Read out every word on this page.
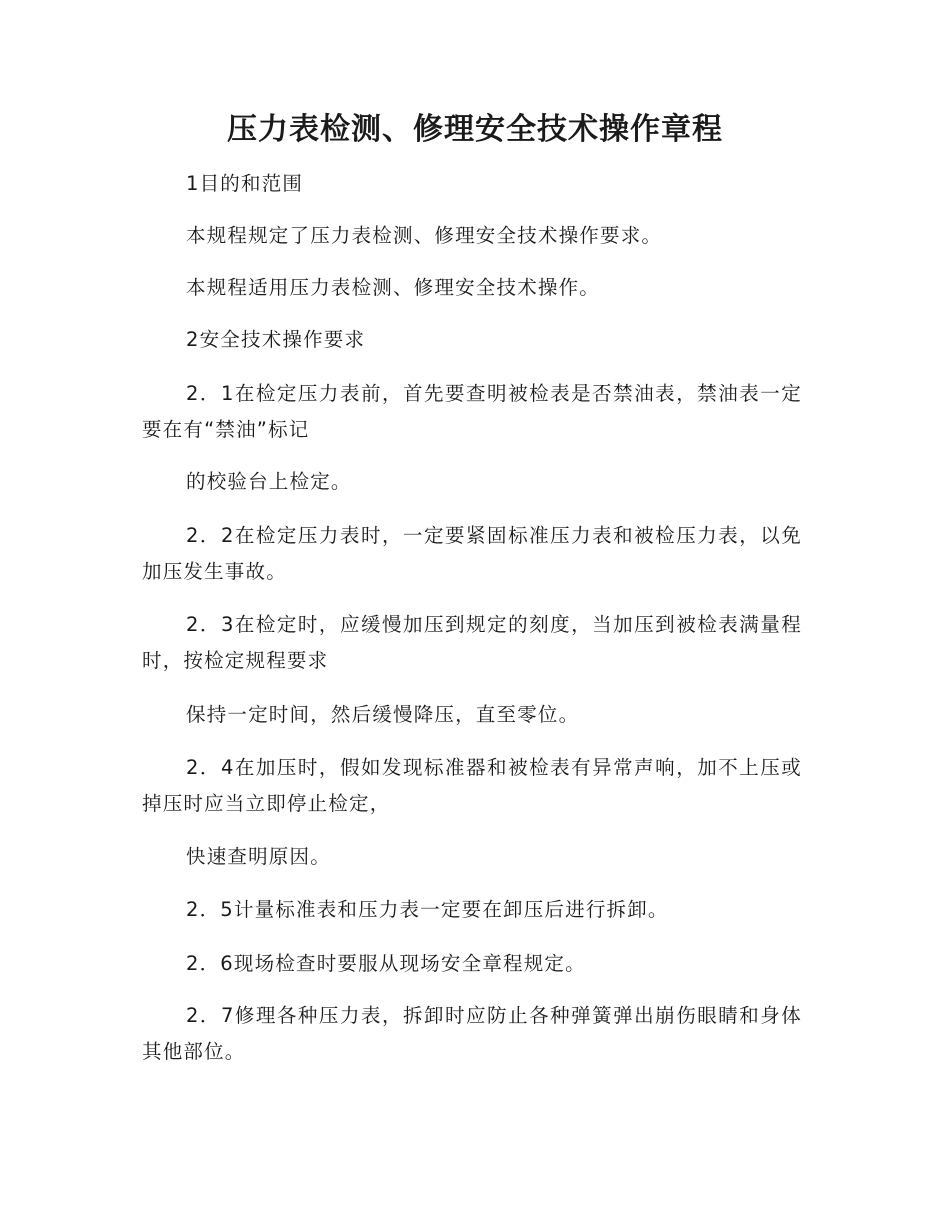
压力表检测、修理安全技术操作章程

1目的和范围

本规程规定了压力表检测、修理安全技术操作要求。

本规程适用压力表检测、修理安全技术操作。

2安全技术操作要求

2．1在检定压力表前，首先要查明被检表是否禁油表，禁油表一定要在有“禁油”标记

的校验台上检定。

2．2在检定压力表时，一定要紧固标准压力表和被检压力表，以免加压发生事故。

2．3在检定时，应缓慢加压到规定的刻度，当加压到被检表满量程时，按检定规程要求

保持一定时间，然后缓慢降压，直至零位。

2．4在加压时，假如发现标准器和被检表有异常声响，加不上压或掉压时应当立即停止检定，

快速查明原因。

2．5计量标准表和压力表一定要在卸压后进行拆卸。

2．6现场检查时要服从现场安全章程规定。

2．7修理各种压力表，拆卸时应防止各种弹簧弹出崩伤眼睛和身体其他部位。
